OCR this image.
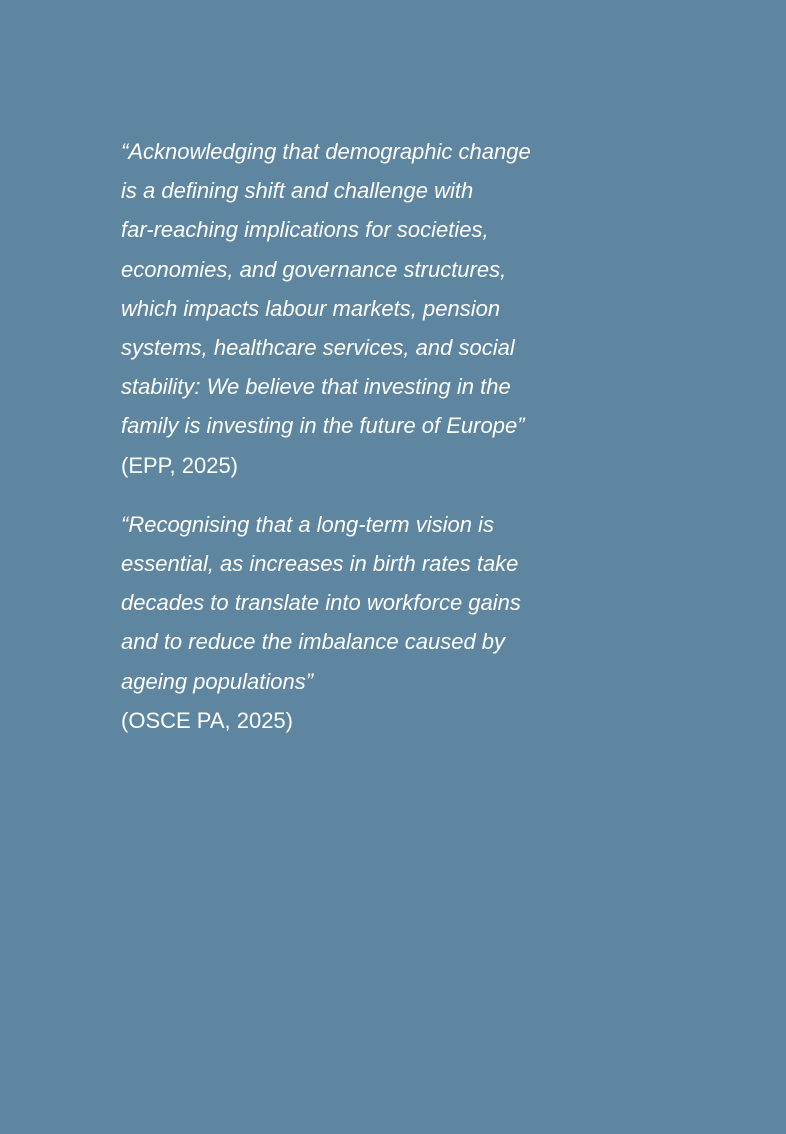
“Acknowledging that demographic change
is a defining shift and challenge with
far-reaching implications for societies,
economies, and governance structures,
which impacts labour markets, pension
systems, healthcare services, and social
stability: We believe that investing in the
family is investing in the future of Europe”
(EPP, 2025)
“Recognising that a long-term vision is
essential, as increases in birth rates take
decades to translate into workforce gains
and to reduce the imbalance caused by
ageing populations”
(OSCE PA, 2025)
